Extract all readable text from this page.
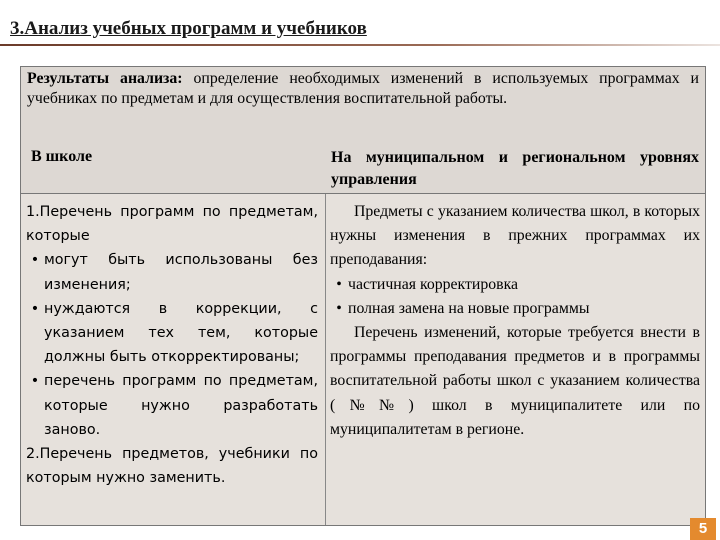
3.Анализ учебных программ и учебников

Результаты анализа: определение необходимых изменений в используемых программах и учебниках по предметам и для осуществления воспитательной работы.

В школе	На муниципальном и региональном уровнях управления

1.Перечень программ по предметам, которые

• могут быть использованы без изменения;
• нуждаются в коррекции, с указанием тех тем, которые должны быть откорректированы;
• перечень программ по предметам, которые нужно разработать заново.

2.Перечень предметов, учебники по которым нужно заменить.

Предметы с указанием количества школ, в которых нужны изменения в прежних программах их преподавания:

• частичная корректировка
• полная замена на новые программы

Перечень изменений, которые требуется внести в программы преподавания предметов и в программы воспитательной работы школ с указанием количества (№№) школ в муниципалитете или по муниципалитетам в регионе.

5
